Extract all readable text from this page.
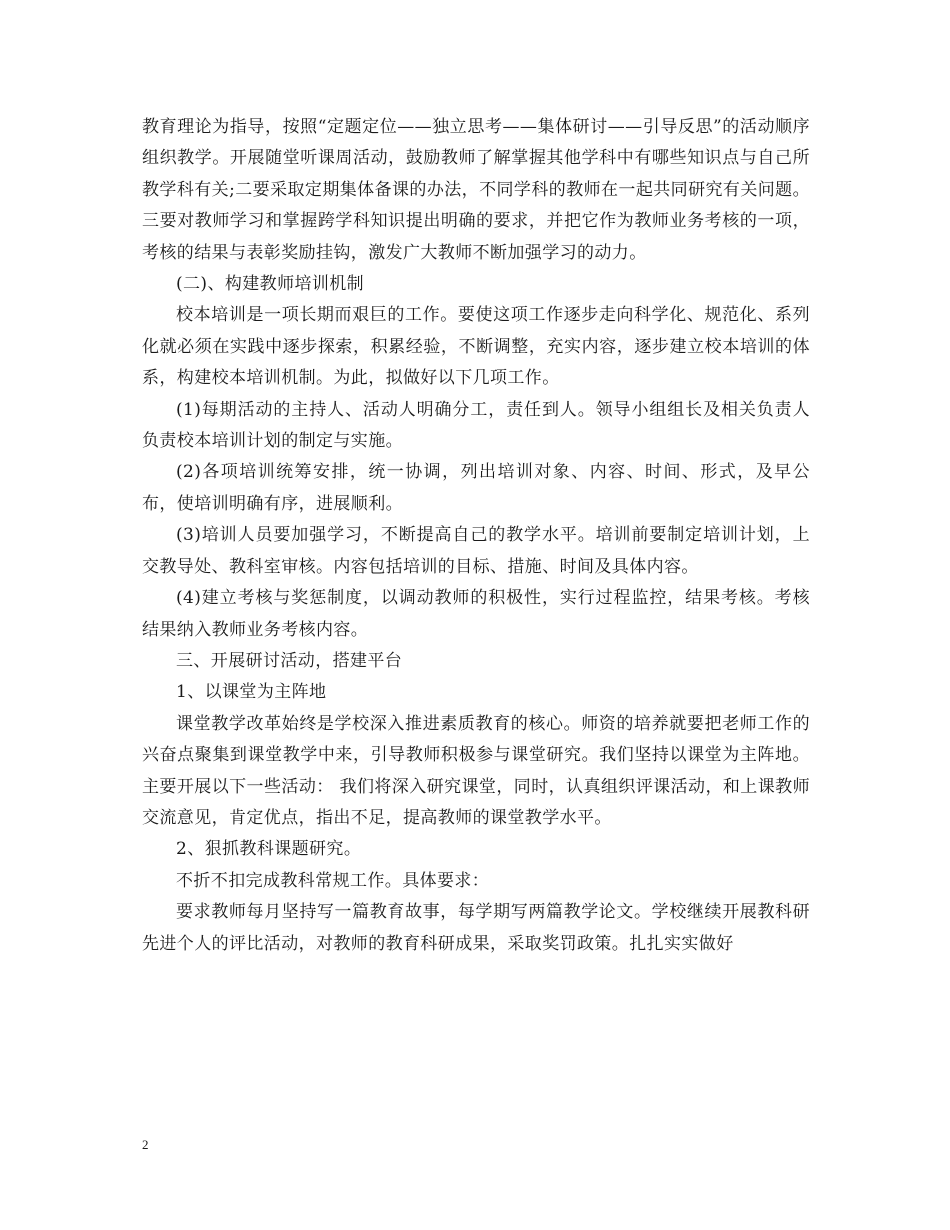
教育理论为指导，按照“定题定位——独立思考——集体研讨——引导反思”的活动顺序组织教学。开展随堂听课周活动，鼓励教师了解掌握其他学科中有哪些知识点与自己所教学科有关;二要采取定期集体备课的办法，不同学科的教师在一起共同研究有关问题。三要对教师学习和掌握跨学科知识提出明确的要求，并把它作为教师业务考核的一项，考核的结果与表彰奖励挂钩，激发广大教师不断加强学习的动力。

(二)、构建教师培训机制

校本培训是一项长期而艰巨的工作。要使这项工作逐步走向科学化、规范化、系列化就必须在实践中逐步探索，积累经验，不断调整，充实内容，逐步建立校本培训的体系，构建校本培训机制。为此，拟做好以下几项工作。

(1)每期活动的主持人、活动人明确分工，责任到人。领导小组组长及相关负责人负责校本培训计划的制定与实施。

(2)各项培训统筹安排，统一协调，列出培训对象、内容、时间、形式，及早公布，使培训明确有序，进展顺利。

(3)培训人员要加强学习，不断提高自己的教学水平。培训前要制定培训计划，上交教导处、教科室审核。内容包括培训的目标、措施、时间及具体内容。

(4)建立考核与奖惩制度，以调动教师的积极性，实行过程监控，结果考核。考核结果纳入教师业务考核内容。

三、开展研讨活动，搭建平台

1、以课堂为主阵地

课堂教学改革始终是学校深入推进素质教育的核心。师资的培养就要把老师工作的兴奋点聚集到课堂教学中来，引导教师积极参与课堂研究。我们坚持以课堂为主阵地。主要开展以下一些活动： 我们将深入研究课堂，同时，认真组织评课活动，和上课教师交流意见，肯定优点，指出不足，提高教师的课堂教学水平。

2、狠抓教科课题研究。

不折不扣完成教科常规工作。具体要求：

要求教师每月坚持写一篇教育故事，每学期写两篇教学论文。学校继续开展教科研先进个人的评比活动，对教师的教育科研成果，采取奖罚政策。扎扎实实做好

2
